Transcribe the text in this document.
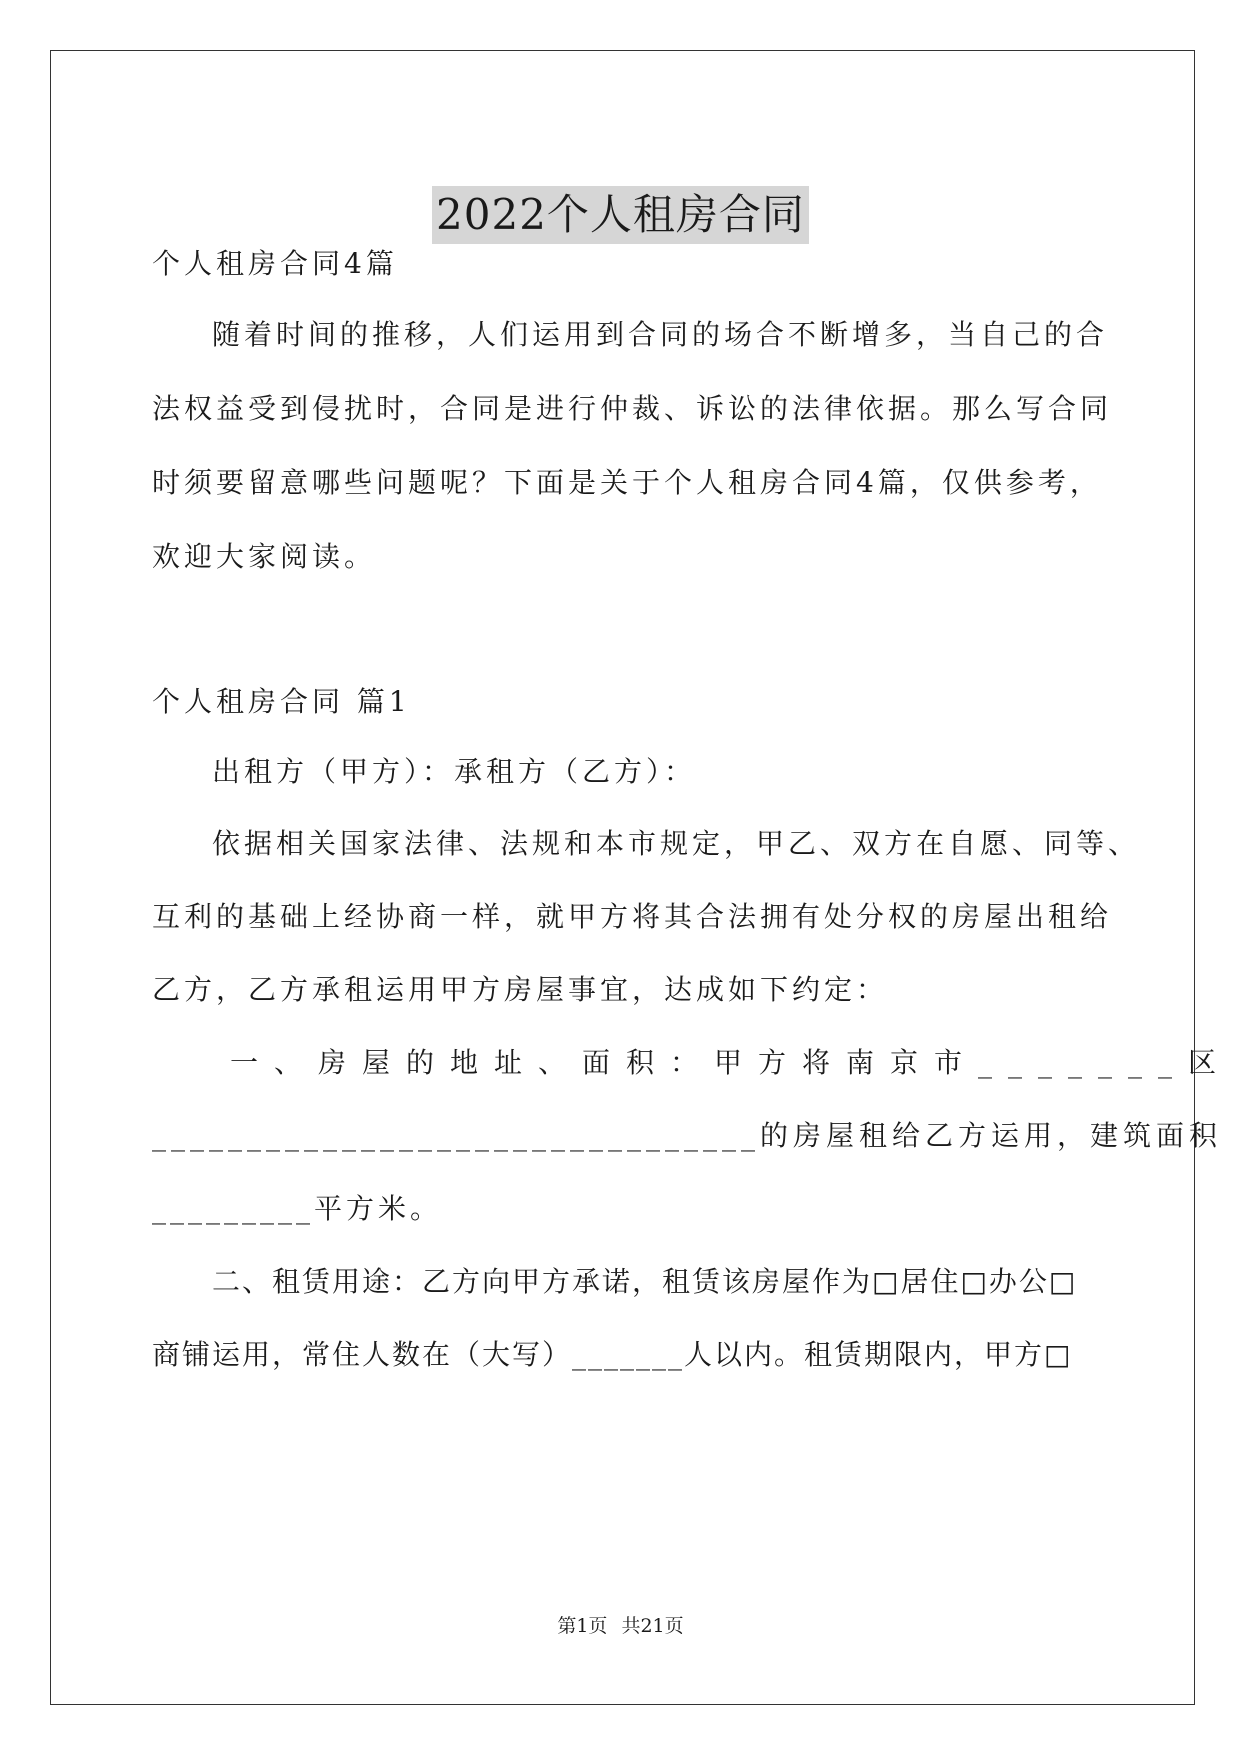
2022个人租房合同
个人租房合同4篇
随着时间的推移，人们运用到合同的场合不断增多，当自己的合
法权益受到侵扰时，合同是进行仲裁、诉讼的法律依据。那么写合同
时须要留意哪些问题呢？下面是关于个人租房合同4篇，仅供参考，
欢迎大家阅读。
个人租房合同 篇1
出租方（甲方）：承租方（乙方）：
依据相关国家法律、法规和本市规定，甲乙、双方在自愿、同等、
互利的基础上经协商一样，就甲方将其合法拥有处分权的房屋出租给
乙方，乙方承租运用甲方房屋事宜，达成如下约定：
一、房屋的地址、面积：甲方将南京市_______区
________________________________的房屋租给乙方运用，建筑面积
_________平方米。
二、租赁用途：乙方向甲方承诺，租赁该房屋作为□居住□办公□
商铺运用，常住人数在（大写）_______人以内。租赁期限内，甲方□
第1页 共21页
